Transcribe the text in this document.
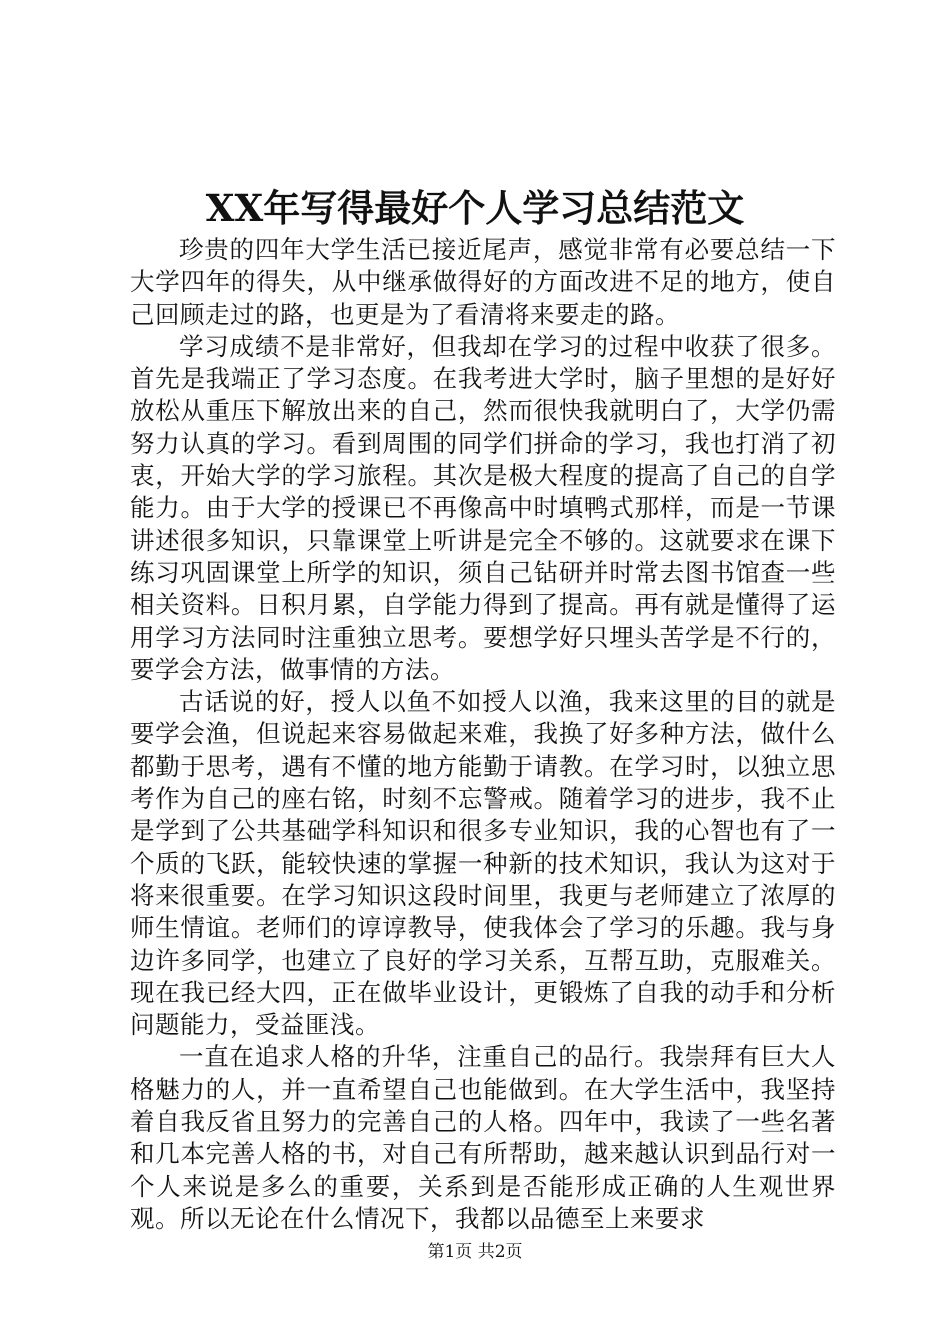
XX年写得最好个人学习总结范文

珍贵的四年大学生活已接近尾声，感觉非常有必要总结一下大学四年的得失，从中继承做得好的方面改进不足的地方，使自己回顾走过的路，也更是为了看清将来要走的路。

学习成绩不是非常好，但我却在学习的过程中收获了很多。首先是我端正了学习态度。在我考进大学时，脑子里想的是好好放松从重压下解放出来的自己，然而很快我就明白了，大学仍需努力认真的学习。看到周围的同学们拼命的学习，我也打消了初衷，开始大学的学习旅程。其次是极大程度的提高了自己的自学能力。由于大学的授课已不再像高中时填鸭式那样，而是一节课讲述很多知识，只靠课堂上听讲是完全不够的。这就要求在课下练习巩固课堂上所学的知识，须自己钻研并时常去图书馆查一些相关资料。日积月累，自学能力得到了提高。再有就是懂得了运用学习方法同时注重独立思考。要想学好只埋头苦学是不行的，要学会方法，做事情的方法。

古话说的好，授人以鱼不如授人以渔，我来这里的目的就是要学会渔，但说起来容易做起来难，我换了好多种方法，做什么都勤于思考，遇有不懂的地方能勤于请教。在学习时，以独立思考作为自己的座右铭，时刻不忘警戒。随着学习的进步，我不止是学到了公共基础学科知识和很多专业知识，我的心智也有了一个质的飞跃，能较快速的掌握一种新的技术知识，我认为这对于将来很重要。在学习知识这段时间里，我更与老师建立了浓厚的师生情谊。老师们的谆谆教导，使我体会了学习的乐趣。我与身边许多同学，也建立了良好的学习关系，互帮互助，克服难关。现在我已经大四，正在做毕业设计，更锻炼了自我的动手和分析问题能力，受益匪浅。

一直在追求人格的升华，注重自己的品行。我崇拜有巨大人格魅力的人，并一直希望自己也能做到。在大学生活中，我坚持着自我反省且努力的完善自己的人格。四年中，我读了一些名著和几本完善人格的书，对自己有所帮助，越来越认识到品行对一个人来说是多么的重要，关系到是否能形成正确的人生观世界观。所以无论在什么情况下，我都以品德至上来要求

第1页 共2页
